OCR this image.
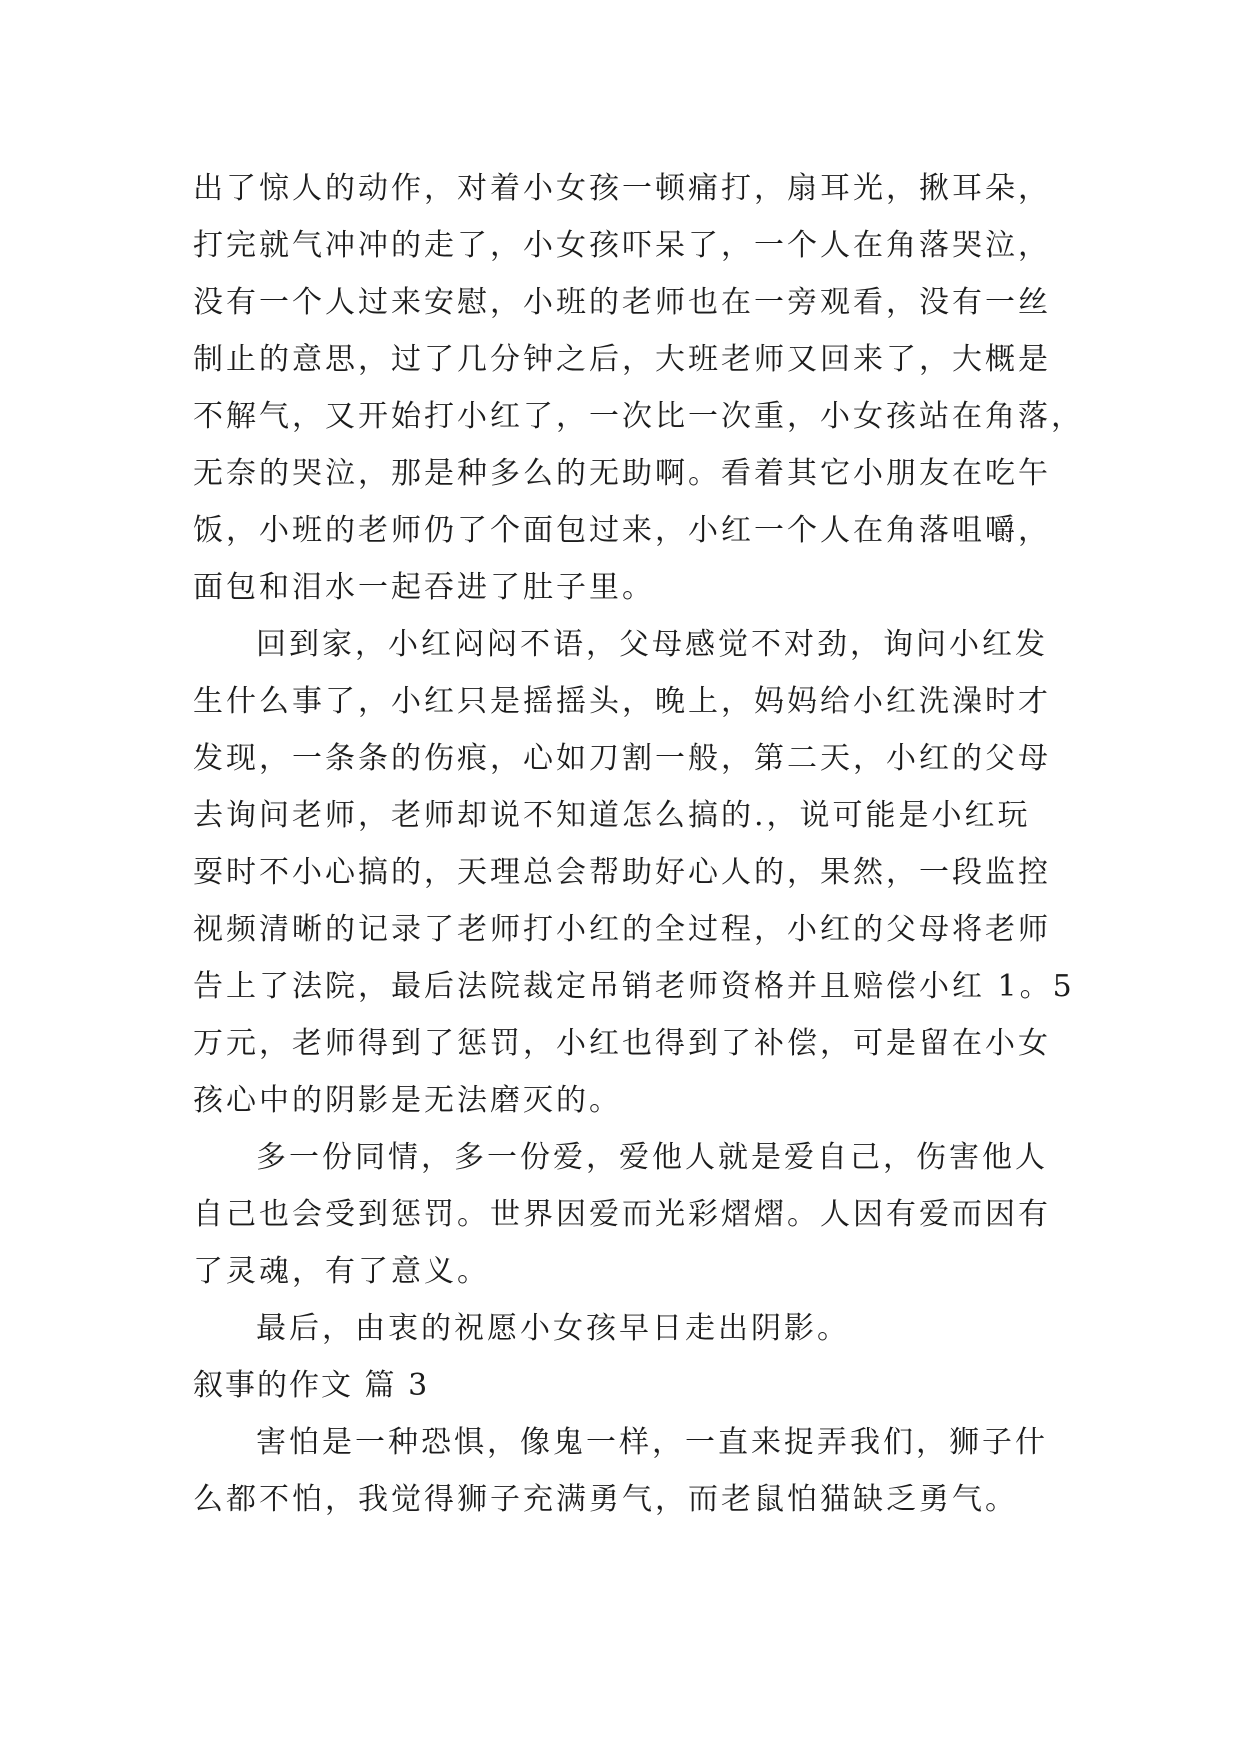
出了惊人的动作，对着小女孩一顿痛打，扇耳光，揪耳朵，
打完就气冲冲的走了，小女孩吓呆了，一个人在角落哭泣，
没有一个人过来安慰，小班的老师也在一旁观看，没有一丝
制止的意思，过了几分钟之后，大班老师又回来了，大概是
不解气，又开始打小红了，一次比一次重，小女孩站在角落，
无奈的哭泣，那是种多么的无助啊。看着其它小朋友在吃午
饭，小班的老师仍了个面包过来，小红一个人在角落咀嚼，
面包和泪水一起吞进了肚子里。
回到家，小红闷闷不语，父母感觉不对劲，询问小红发
生什么事了，小红只是摇摇头，晚上，妈妈给小红洗澡时才
发现，一条条的伤痕，心如刀割一般，第二天，小红的父母
去询问老师，老师却说不知道怎么搞的.，说可能是小红玩
耍时不小心搞的，天理总会帮助好心人的，果然，一段监控
视频清晰的记录了老师打小红的全过程，小红的父母将老师
告上了法院，最后法院裁定吊销老师资格并且赔偿小红 1。5
万元，老师得到了惩罚，小红也得到了补偿，可是留在小女
孩心中的阴影是无法磨灭的。
多一份同情，多一份爱，爱他人就是爱自己，伤害他人
自己也会受到惩罚。世界因爱而光彩熠熠。人因有爱而因有
了灵魂，有了意义。
最后，由衷的祝愿小女孩早日走出阴影。
叙事的作文 篇 3
害怕是一种恐惧，像鬼一样，一直来捉弄我们，狮子什
么都不怕，我觉得狮子充满勇气，而老鼠怕猫缺乏勇气。
